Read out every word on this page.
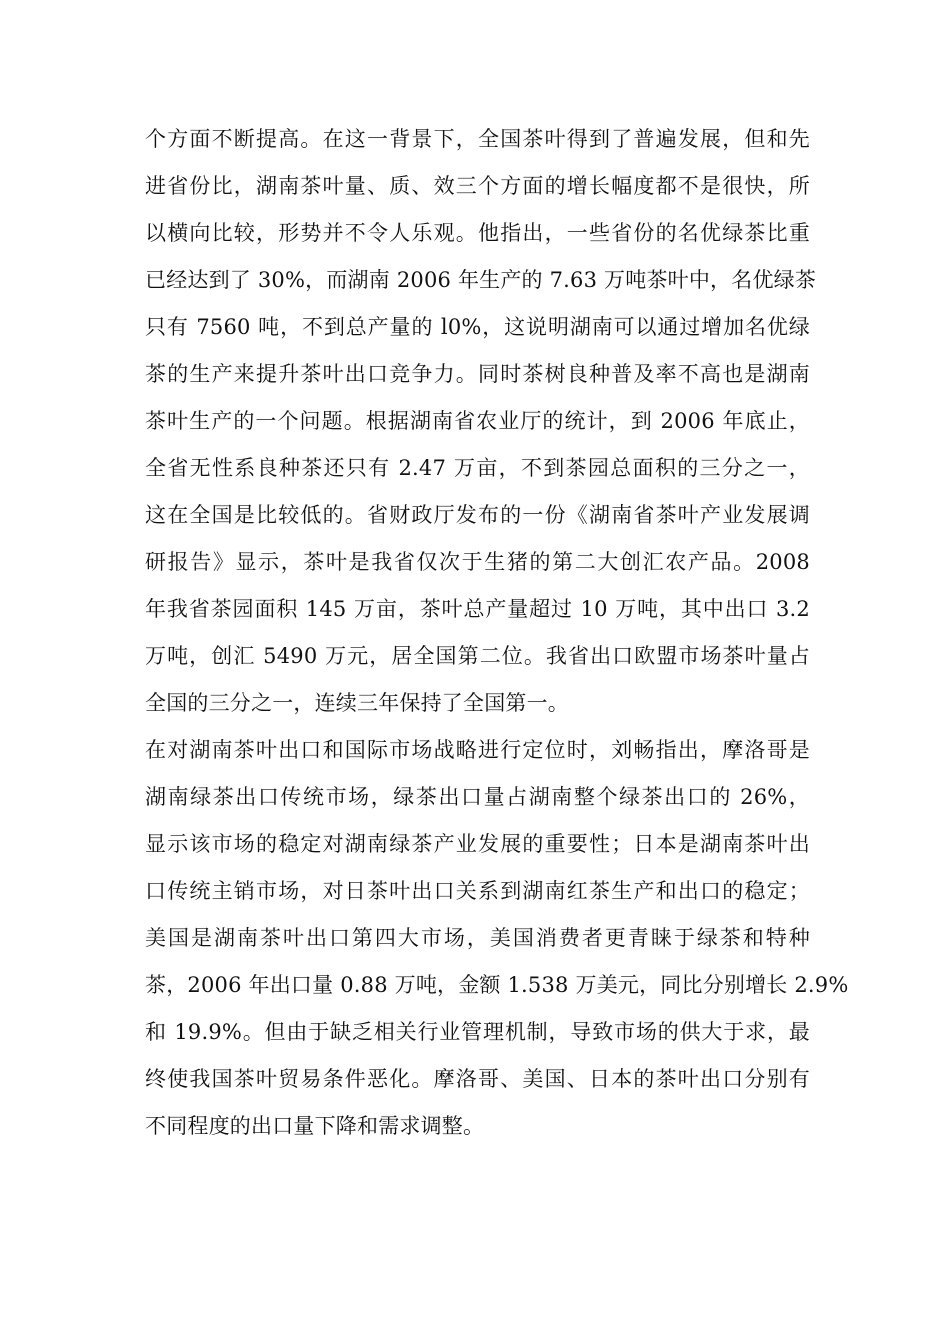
个方面不断提高。在这一背景下，全国茶叶得到了普遍发展，但和先
进省份比，湖南茶叶量、质、效三个方面的增长幅度都不是很快，所
以横向比较，形势并不令人乐观。他指出，一些省份的名优绿茶比重
已经达到了 30%，而湖南 2006 年生产的 7.63 万吨茶叶中，名优绿茶
只有 7560 吨，不到总产量的 l0%，这说明湖南可以通过增加名优绿
茶的生产来提升茶叶出口竞争力。同时茶树良种普及率不高也是湖南
茶叶生产的一个问题。根据湖南省农业厅的统计，到 2006 年底止，
全省无性系良种茶还只有 2.47 万亩，不到茶园总面积的三分之一，
这在全国是比较低的。省财政厅发布的一份《湖南省茶叶产业发展调
研报告》显示，茶叶是我省仅次于生猪的第二大创汇农产品。2008
年我省茶园面积 145 万亩，茶叶总产量超过 10 万吨，其中出口 3.2
万吨，创汇 5490 万元，居全国第二位。我省出口欧盟市场茶叶量占
全国的三分之一，连续三年保持了全国第一。
在对湖南茶叶出口和国际市场战略进行定位时，刘畅指出，摩洛哥是
湖南绿茶出口传统市场，绿茶出口量占湖南整个绿茶出口的 26%，
显示该市场的稳定对湖南绿茶产业发展的重要性；日本是湖南茶叶出
口传统主销市场，对日茶叶出口关系到湖南红茶生产和出口的稳定；
美国是湖南茶叶出口第四大市场，美国消费者更青睐于绿茶和特种
茶，2006 年出口量 0.88 万吨，金额 1.538 万美元，同比分别增长 2.9%
和 19.9%。但由于缺乏相关行业管理机制，导致市场的供大于求，最
终使我国茶叶贸易条件恶化。摩洛哥、美国、日本的茶叶出口分别有
不同程度的出口量下降和需求调整。
